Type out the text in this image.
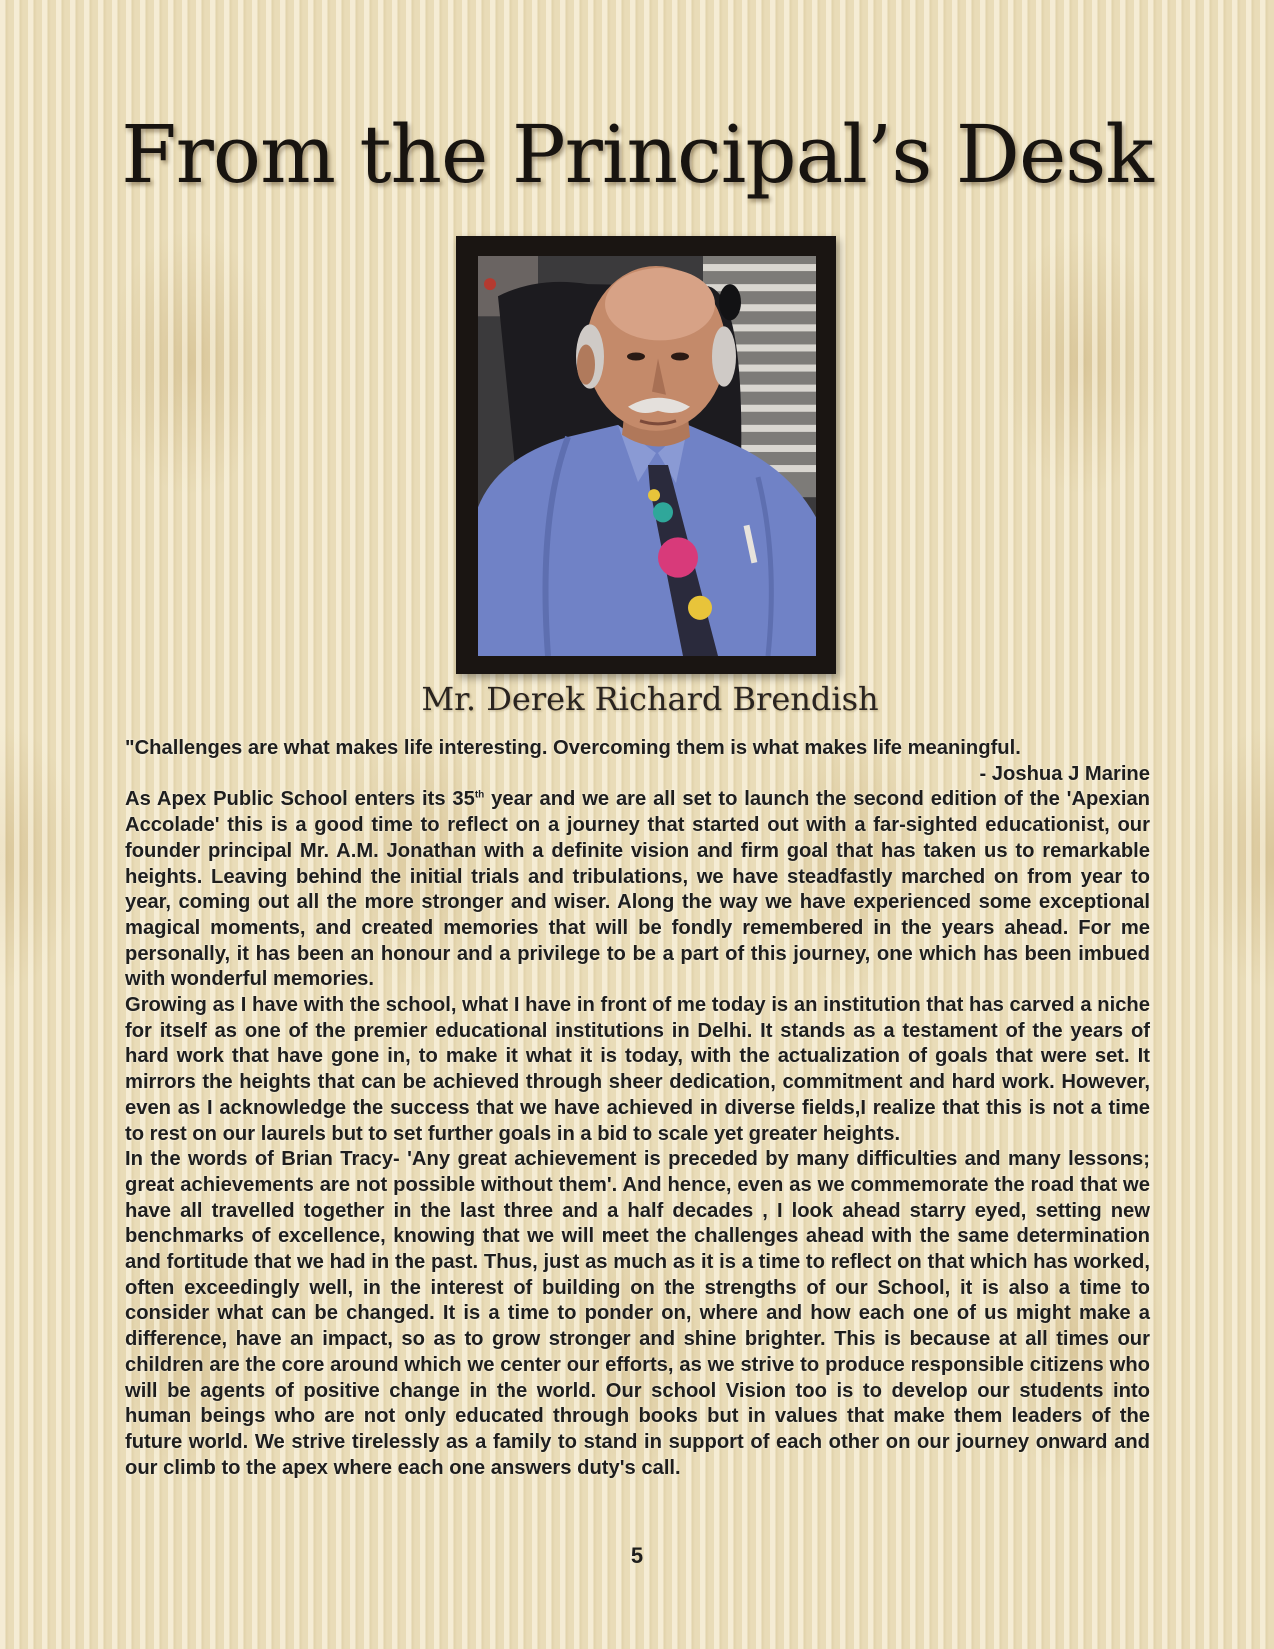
From the Principal’s Desk
Mr. Derek Richard Brendish

"Challenges are what makes life interesting. Overcoming them is what makes life meaningful.

- Joshua J Marine

As Apex Public School enters its 35th year and we are all set to launch the second edition of the 'Apexian Accolade' this is a good time to reflect on a journey that started out with a far-sighted educationist, our founder principal Mr. A.M. Jonathan with a definite vision and firm goal that has taken us to remarkable heights. Leaving behind the initial trials and tribulations, we have steadfastly marched on from year to year, coming out all the more stronger and wiser. Along the way we have experienced some exceptional magical moments, and created memories that will be fondly remembered in the years ahead. For me personally, it has been an honour and a privilege to be a part of this journey, one which has been imbued with wonderful memories.

Growing as I have with the school, what I have in front of me today is an institution that has carved a niche for itself as one of the premier educational institutions in Delhi. It stands as a testament of the years of hard work that have gone in, to make it what it is today, with the actualization of goals that were set. It mirrors the heights that can be achieved through sheer dedication, commitment and hard work. However, even as I acknowledge the success that we have achieved in diverse fields,I realize that this is not a time to rest on our laurels but to set further goals in a bid to scale yet greater heights.

In the words of Brian Tracy- 'Any great achievement is preceded by many difficulties and many lessons; great achievements are not possible without them'. And hence, even as we commemorate the road that we have all travelled together in the last three and a half decades , I look ahead starry eyed, setting new benchmarks of excellence, knowing that we will meet the challenges ahead with the same determination and fortitude that we had in the past. Thus, just as much as it is a time to reflect on that which has worked, often exceedingly well, in the interest of building on the strengths of our School, it is also a time to consider what can be changed. It is a time to ponder on, where and how each one of us might make a difference, have an impact, so as to grow stronger and shine brighter. This is because at all times our children are the core around which we center our efforts, as we strive to produce responsible citizens who will be agents of positive change in the world. Our school Vision too is to develop our students into human beings who are not only educated through books but in values that make them leaders of the future world. We strive tirelessly as a family to stand in support of each other on our journey onward and our climb to the apex where each one answers duty's call.

5
